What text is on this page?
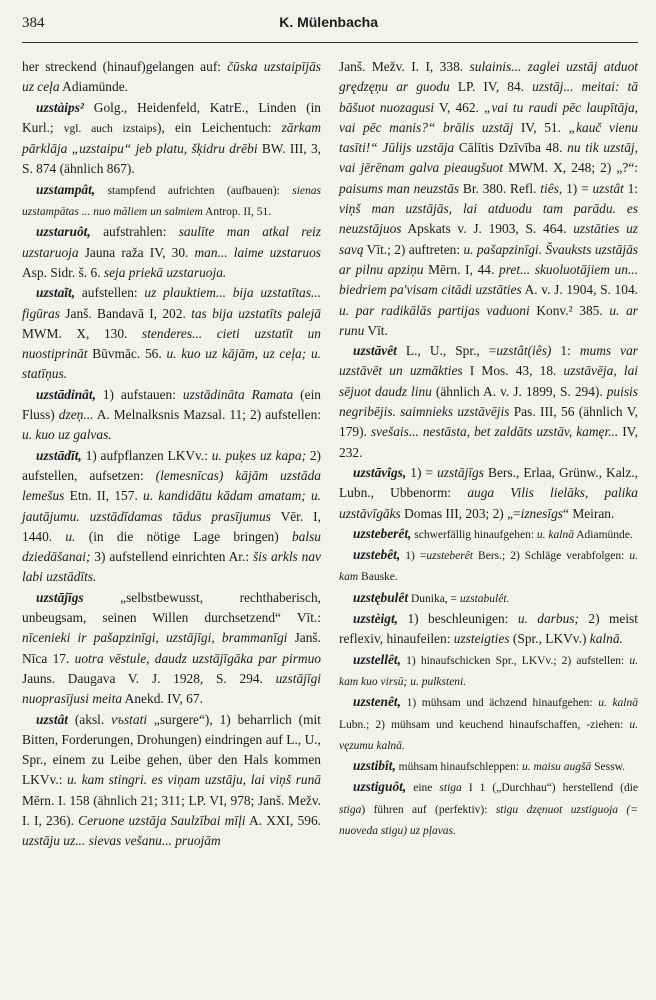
384	K. Mülenbacha

her streckend (hinauf)gelangen auf: čūska uzstaipījās uz ceļa Adiamünde.

uzstàips² Golg., Heidenfeld, KatrE., Linden (in Kurl.; vgl. auch izstaips), ein Leichentuch: zārkam pārklāja „uzstaipu“ jeb platu, šķidru drēbi BW. III, 3, S. 874 (ähnlich 867).

uzstampât, stampfend aufrichten (aufbauen): sienas uzstampātas ... nuo māliem un salmiem Antrop. II, 51.

uzstaruôt, aufstrahlen: saulīte man atkal reiz uzstaruoja Jauna raža IV, 30. man... laime uzstaruos Asp. Sidr. š. 6. seja priekā uzstaruoja.

uzstaĩt, aufstellen: uz plauktiem... bija uzstatītas... figūras Janš. Bandavā I, 202. tas bija uzstatīts palejā MWM. X, 130. stenderes... cieti uzstatīt un nuostiprināt Būvmāc. 56. u. kuo uz kājām, uz ceļa; u. statīņus.

uzstādinât, 1) aufstauen: uzstādināta Ramata (ein Fluss) dzeņ... A. Melnalksnis Mazsal. 11; 2) aufstellen: u. kuo uz galvas.

uzstādīt, 1) aufpflanzen LKVv.: u. puķes uz kapa; 2) aufstellen, aufsetzen: (lemesnīcas) kājām uzstāda lemešus Etn. II, 157. u. kandidātu kādam amatam; u. jautājumu. uzstādīdamas tādus prasījumus Vēr. I, 1440. u. (in die nötige Lage bringen) balsu dziedāšanai; 3) aufstellend einrichten Ar.: šis arkls nav labi uzstādīts.

uzstājīgs „selbstbewusst, rechthaberisch, unbeugsam, seinen Willen durchsetzend“ Vīt.: nīcenieki ir pašapzinīgi, uzstājīgi, brammanīgi Janš. Nīca 17. uotra vēstule, daudz uzstājīgāka par pirmuo Jauns. Daugava V. J. 1928, S. 294. uzstājīgi nuoprasījusi meita Anekd. IV, 67.

uzstât (aksl. vъstati „surgere“), 1) beharrlich (mit Bitten, Forderungen, Drohungen) eindringen auf L., U., Spr., einem zu Leibe gehen, über den Hals kommen LKVv.: u. kam stingri. es viņam uzstāju, lai viņš runā Mērn. I. 158 (ähnlich 21; 311; LP. VI, 978; Janš. Mežv. I. I, 236). Ceruone uzstāja Saulzībai mīļi A. XXI, 596. uzstāju uz... sievas vešanu... pruojām

Janš. Mežv. I. I, 338. sulainis... zaglei uzstāj atduot grędzęņu ar guodu LP. IV, 84. uzstāj... meitai: tā bāšuot nuozagusi V, 462. „vai tu raudi pēc laupītāja, vai pēc manis?“ brālis uzstāj IV, 51. „kauč vienu tasīti!“ Jūlijs uzstāja Cālītis Dzīvība 48. nu tik uzstāj, vai jērēnam galva pieaugšuot MWM. X, 248; 2) „?“: paisums man neuzstās Br. 380. Refl. tiês, 1) = uzstât 1: viņš man uzstājās, lai atduodu tam parādu. es neuzstājuos Apskats v. J. 1903, S. 464. uzstāties uz savą Vīt.; 2) auftreten: u. pašapzinīgi. Švauksts uzstājās ar pilnu apziņu Mērn. I, 44. pret... skuoluotājiem un... biedriem pa'visam citādi uzstāties A. v. J. 1904, S. 104. u. par radikālās partijas vaduoni Konv.² 385. u. ar runu Vīt.

uzstāvêt L., U., Spr., =uzstât(iês) 1: mums var uzstāvēt un uzmākties I Mos. 43, 18. uzstāvēja, lai sējuot daudz linu (ähnlich A. v. J. 1899, S. 294). puisis negribējis. saimnieks uzstāvējis Pas. III, 56 (ähnlich V, 179). svešais... nestāsta, bet zaldāts uzstāv, kamęr... IV, 232.

uzstāvîgs, 1) = uzstājīgs Bers., Erlaa, Grünw., Kalz., Lubn., Ubbenorm: auga Vilis lielāks, palika uzstāvīgāks Domas III, 203; 2) „=iznesīgs“ Meiran.

uzsteberêt, schwerfällig hinaufgehen: u. kalnā Adiamünde.

uzstebêt, 1) =uzsteberêt Bers.; 2) Schläge verabfolgen: u. kam Bauske.

uzstębulêt Dunika, = uzstabulêt.

uzstèigt, 1) beschleunigen: u. darbus; 2) meist reflexiv, hinaufeilen: uzsteigties (Spr., LKVv.) kalnā.

uzstellêt, 1) hinaufschicken Spr., LKVv.; 2) aufstellen: u. kam kuo virsū; u. pulksteni.

uzstenêt, 1) mühsam und ächzend hinaufgehen: u. kalnā Lubn.; 2) mühsam und keuchend hinaufschaffen, -ziehen: u. vęzumu kalnā.

uzstibît, mühsam hinaufschleppen: u. maisu augšā Sessw.

uzstiguôt, eine stiga I 1 („Durchhau“) herstellend (die stiga) führen auf (perfektiv): stigu dzęnuot uzstiguoja (= nuoveda stigu) uz pļavas.
